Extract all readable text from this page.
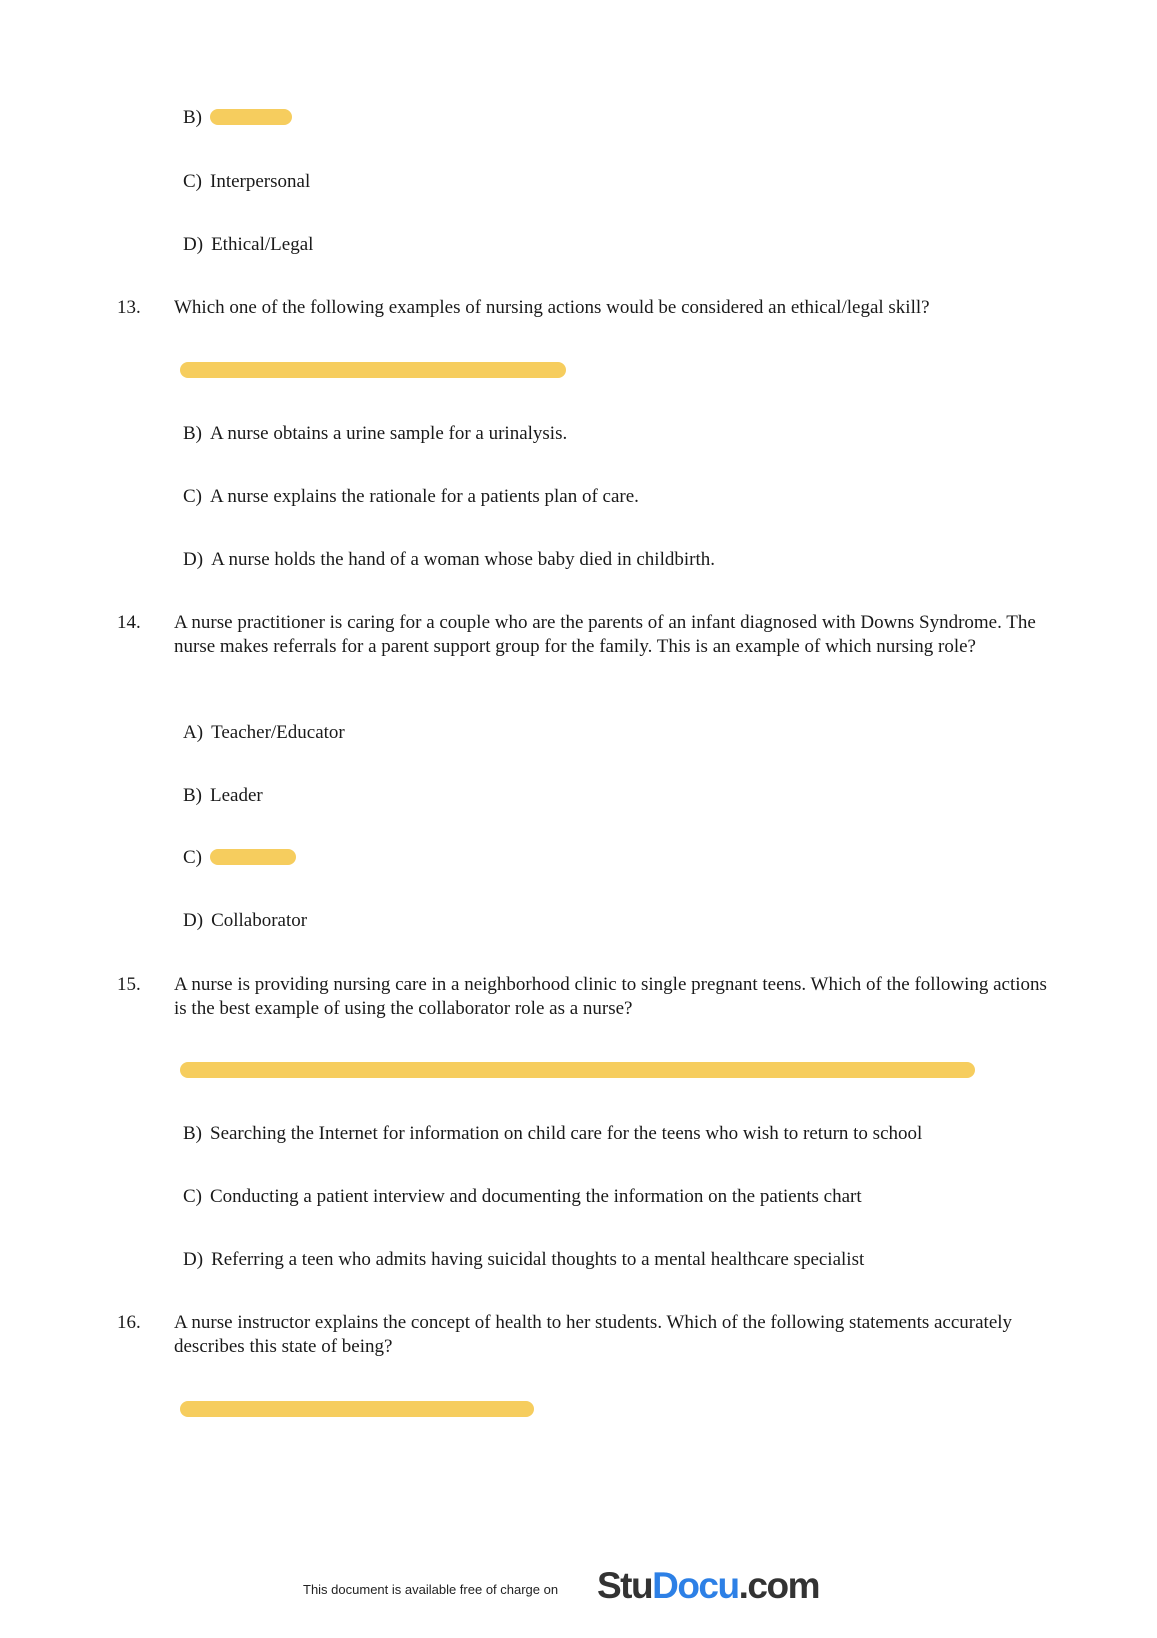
B)
C) Interpersonal
D) Ethical/Legal
13. Which one of the following examples of nursing actions would be considered an ethical/legal skill?
B) A nurse obtains a urine sample for a urinalysis.
C) A nurse explains the rationale for a patients plan of care.
D) A nurse holds the hand of a woman whose baby died in childbirth.
14. A nurse practitioner is caring for a couple who are the parents of an infant diagnosed with Downs Syndrome. The nurse makes referrals for a parent support group for the family. This is an example of which nursing role?
A) Teacher/Educator
B) Leader
C)
D) Collaborator
15. A nurse is providing nursing care in a neighborhood clinic to single pregnant teens. Which of the following actions is the best example of using the collaborator role as a nurse?
B) Searching the Internet for information on child care for the teens who wish to return to school
C) Conducting a patient interview and documenting the information on the patients chart
D) Referring a teen who admits having suicidal thoughts to a mental healthcare specialist
16. A nurse instructor explains the concept of health to her students. Which of the following statements accurately describes this state of being?
This document is available free of charge on StuDocu.com
